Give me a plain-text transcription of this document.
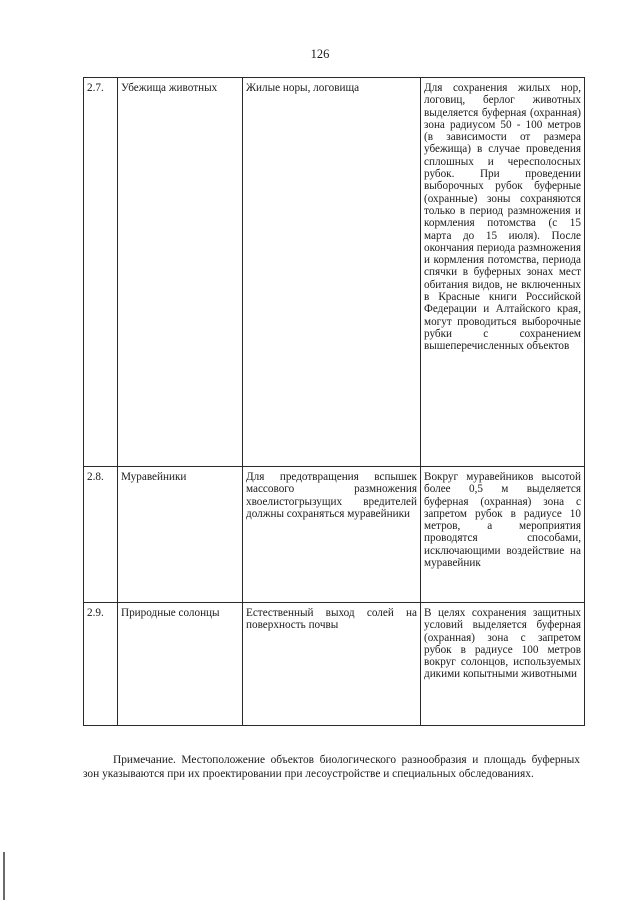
126
2.7.	Убежища животных	Жилые норы, логовища	Для сохранения жилых нор, логовиц, берлог животных выделяется буферная (охранная) зона радиусом 50 - 100 метров (в зависимости от размера убежища) в случае проведения сплошных и чересполосных рубок. При проведении выборочных рубок буферные (охранные) зоны сохраняются только в период размножения и кормления потомства (с 15 марта до 15 июля). После окончания периода размножения и кормления потомства, периода спячки в буферных зонах мест обитания видов, не включенных в Красные книги Российской Федерации и Алтайского края, могут проводиться выборочные рубки с сохранением вышеперечисленных объектов
2.8.	Муравейники	Для предотвращения вспышек массового размножения хвоелистогрызущих вредителей должны сохраняться муравейники	Вокруг муравейников высотой более 0,5 м выделяется буферная (охранная) зона с запретом рубок в радиусе 10 метров, а мероприятия проводятся способами, исключающими воздействие на муравейник
2.9.	Природные солонцы	Естественный выход солей на поверхность почвы	В целях сохранения защитных условий выделяется буферная (охранная) зона с запретом рубок в радиусе 100 метров вокруг солонцов, используемых дикими копытными животными
Примечание. Местоположение объектов биологического разнообразия и площадь буферных зон указываются при их проектировании при лесоустройстве и специальных обследованиях.
